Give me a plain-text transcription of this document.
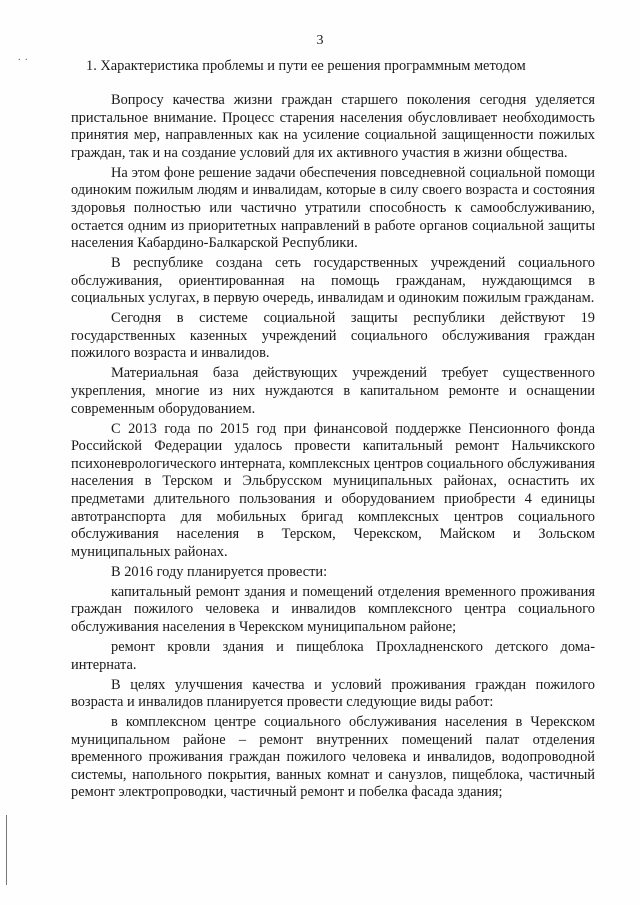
. .
3
1. Характеристика проблемы и пути ее решения программным методом

Вопросу качества жизни граждан старшего поколения сегодня уделяется пристальное внимание. Процесс старения населения обусловливает необходимость принятия мер, направленных как на усиление социальной защищенности пожилых граждан, так и на создание условий для их активного участия в жизни общества.

На этом фоне решение задачи обеспечения повседневной социальной помощи одиноким пожилым людям и инвалидам, которые в силу своего возраста и состояния здоровья полностью или частично утратили способность к самообслуживанию, остается одним из приоритетных направлений в работе органов социальной защиты населения Кабардино-Балкарской Республики.

В республике создана сеть государственных учреждений социального обслуживания, ориентированная на помощь гражданам, нуждающимся в социальных услугах, в первую очередь, инвалидам и одиноким пожилым гражданам.

Сегодня в системе социальной защиты республики действуют 19 государственных казенных учреждений социального обслуживания граждан пожилого возраста и инвалидов.

Материальная база действующих учреждений требует существенного укрепления, многие из них нуждаются в капитальном ремонте и оснащении современным оборудованием.

С 2013 года по 2015 год при финансовой поддержке Пенсионного фонда Российской Федерации удалось провести капитальный ремонт Нальчикского психоневрологического интерната, комплексных центров социального обслуживания населения в Терском и Эльбрусском муниципальных районах, оснастить их предметами длительного пользования и оборудованием приобрести 4 единицы автотранспорта для мобильных бригад комплексных центров социального обслуживания населения в Терском, Черекском, Майском и Зольском муниципальных районах.

В 2016 году планируется провести:

капитальный ремонт здания и помещений отделения временного проживания граждан пожилого человека и инвалидов комплексного центра социального обслуживания населения в Черекском муниципальном районе;

ремонт кровли здания и пищеблока Прохладненского детского дома-интерната.

В целях улучшения качества и условий проживания граждан пожилого возраста и инвалидов планируется провести следующие виды работ:

в комплексном центре социального обслуживания населения в Черекском муниципальном районе – ремонт внутренних помещений палат отделения временного проживания граждан пожилого человека и инвалидов, водопроводной системы, напольного покрытия, ванных комнат и санузлов, пищеблока, частичный ремонт электропроводки, частичный ремонт и побелка фасада здания;
